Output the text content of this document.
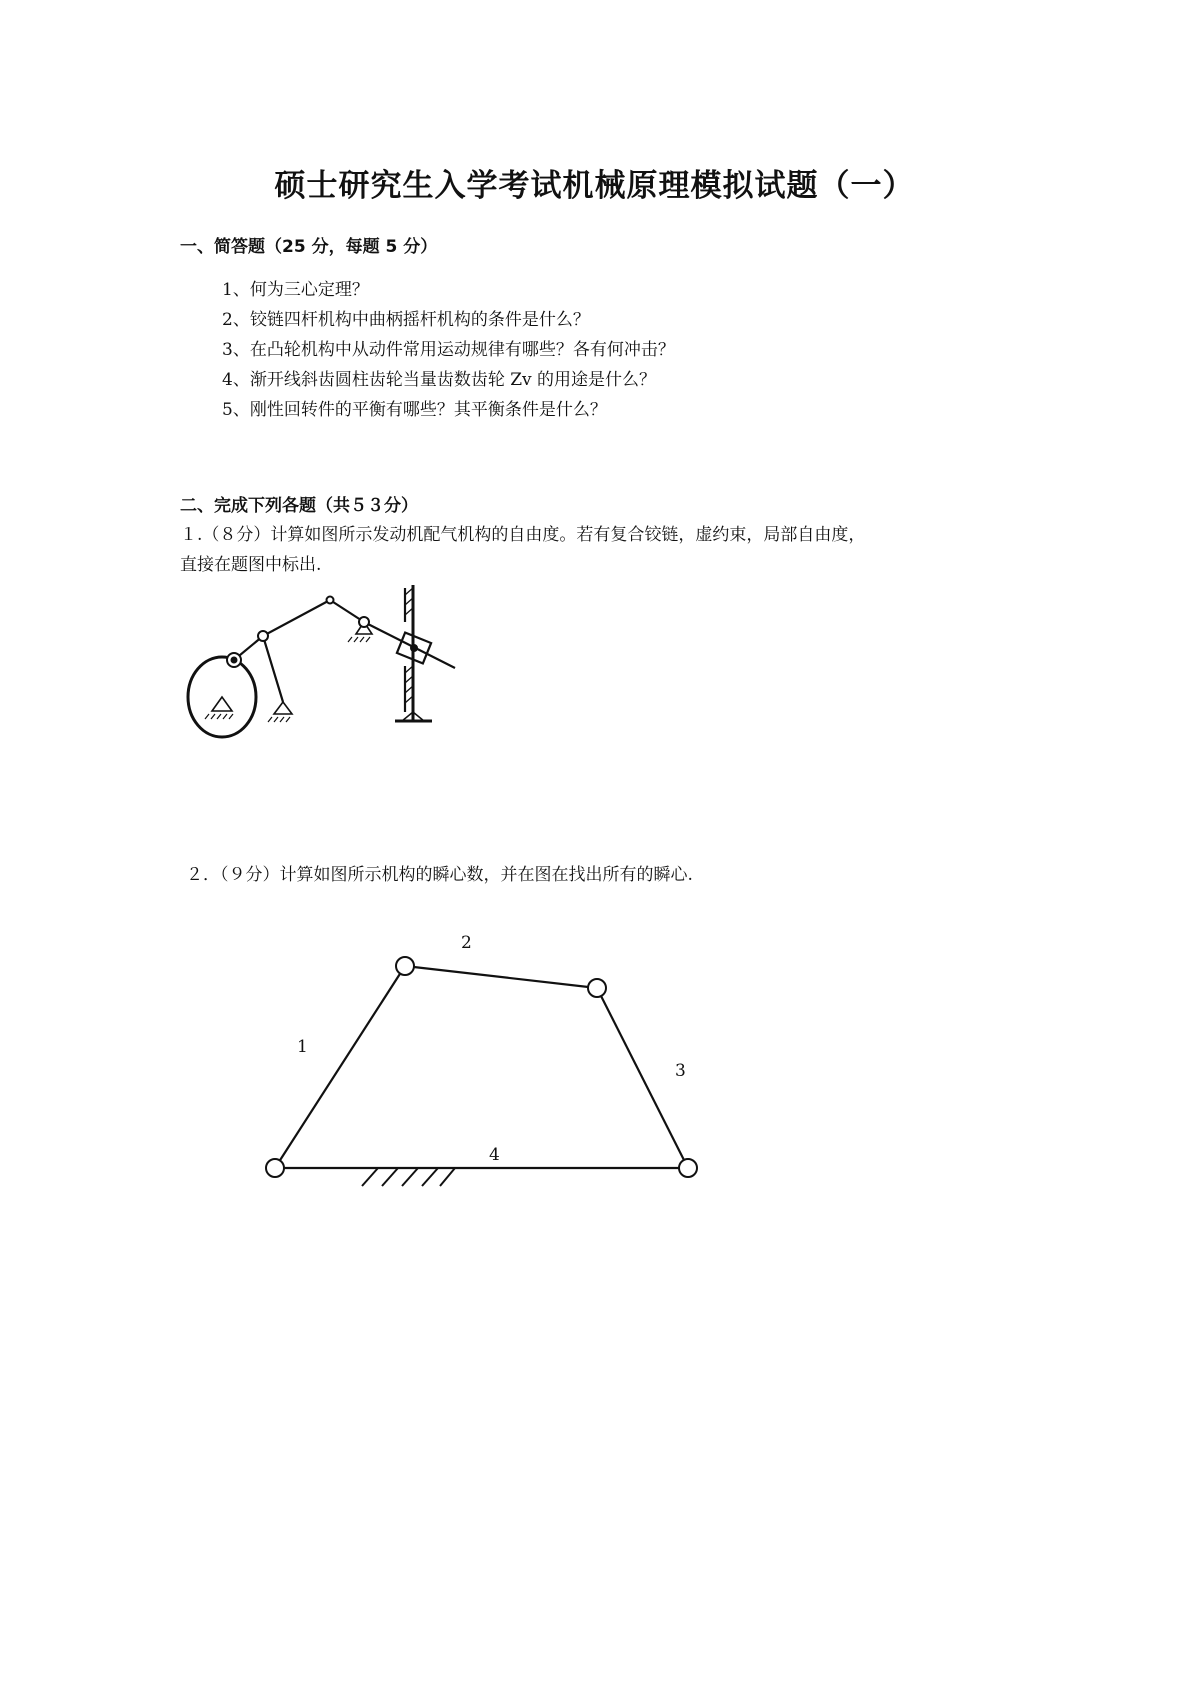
硕士研究生入学考试机械原理模拟试题（一）
一、简答题（25 分，每题 5 分）
1、何为三心定理？
2、铰链四杆机构中曲柄摇杆机构的条件是什么？
3、在凸轮机构中从动件常用运动规律有哪些？各有何冲击？
4、渐开线斜齿圆柱齿轮当量齿数齿轮 Zv 的用途是什么？
5、刚性回转件的平衡有哪些？其平衡条件是什么？
二、完成下列各题（共５３分）
１.（８分）计算如图所示发动机配气机构的自由度。若有复合铰链，虚约束，局部自由度，
直接在题图中标出.
２．（９分）计算如图所示机构的瞬心数，并在图在找出所有的瞬心.
1
2
3
4
